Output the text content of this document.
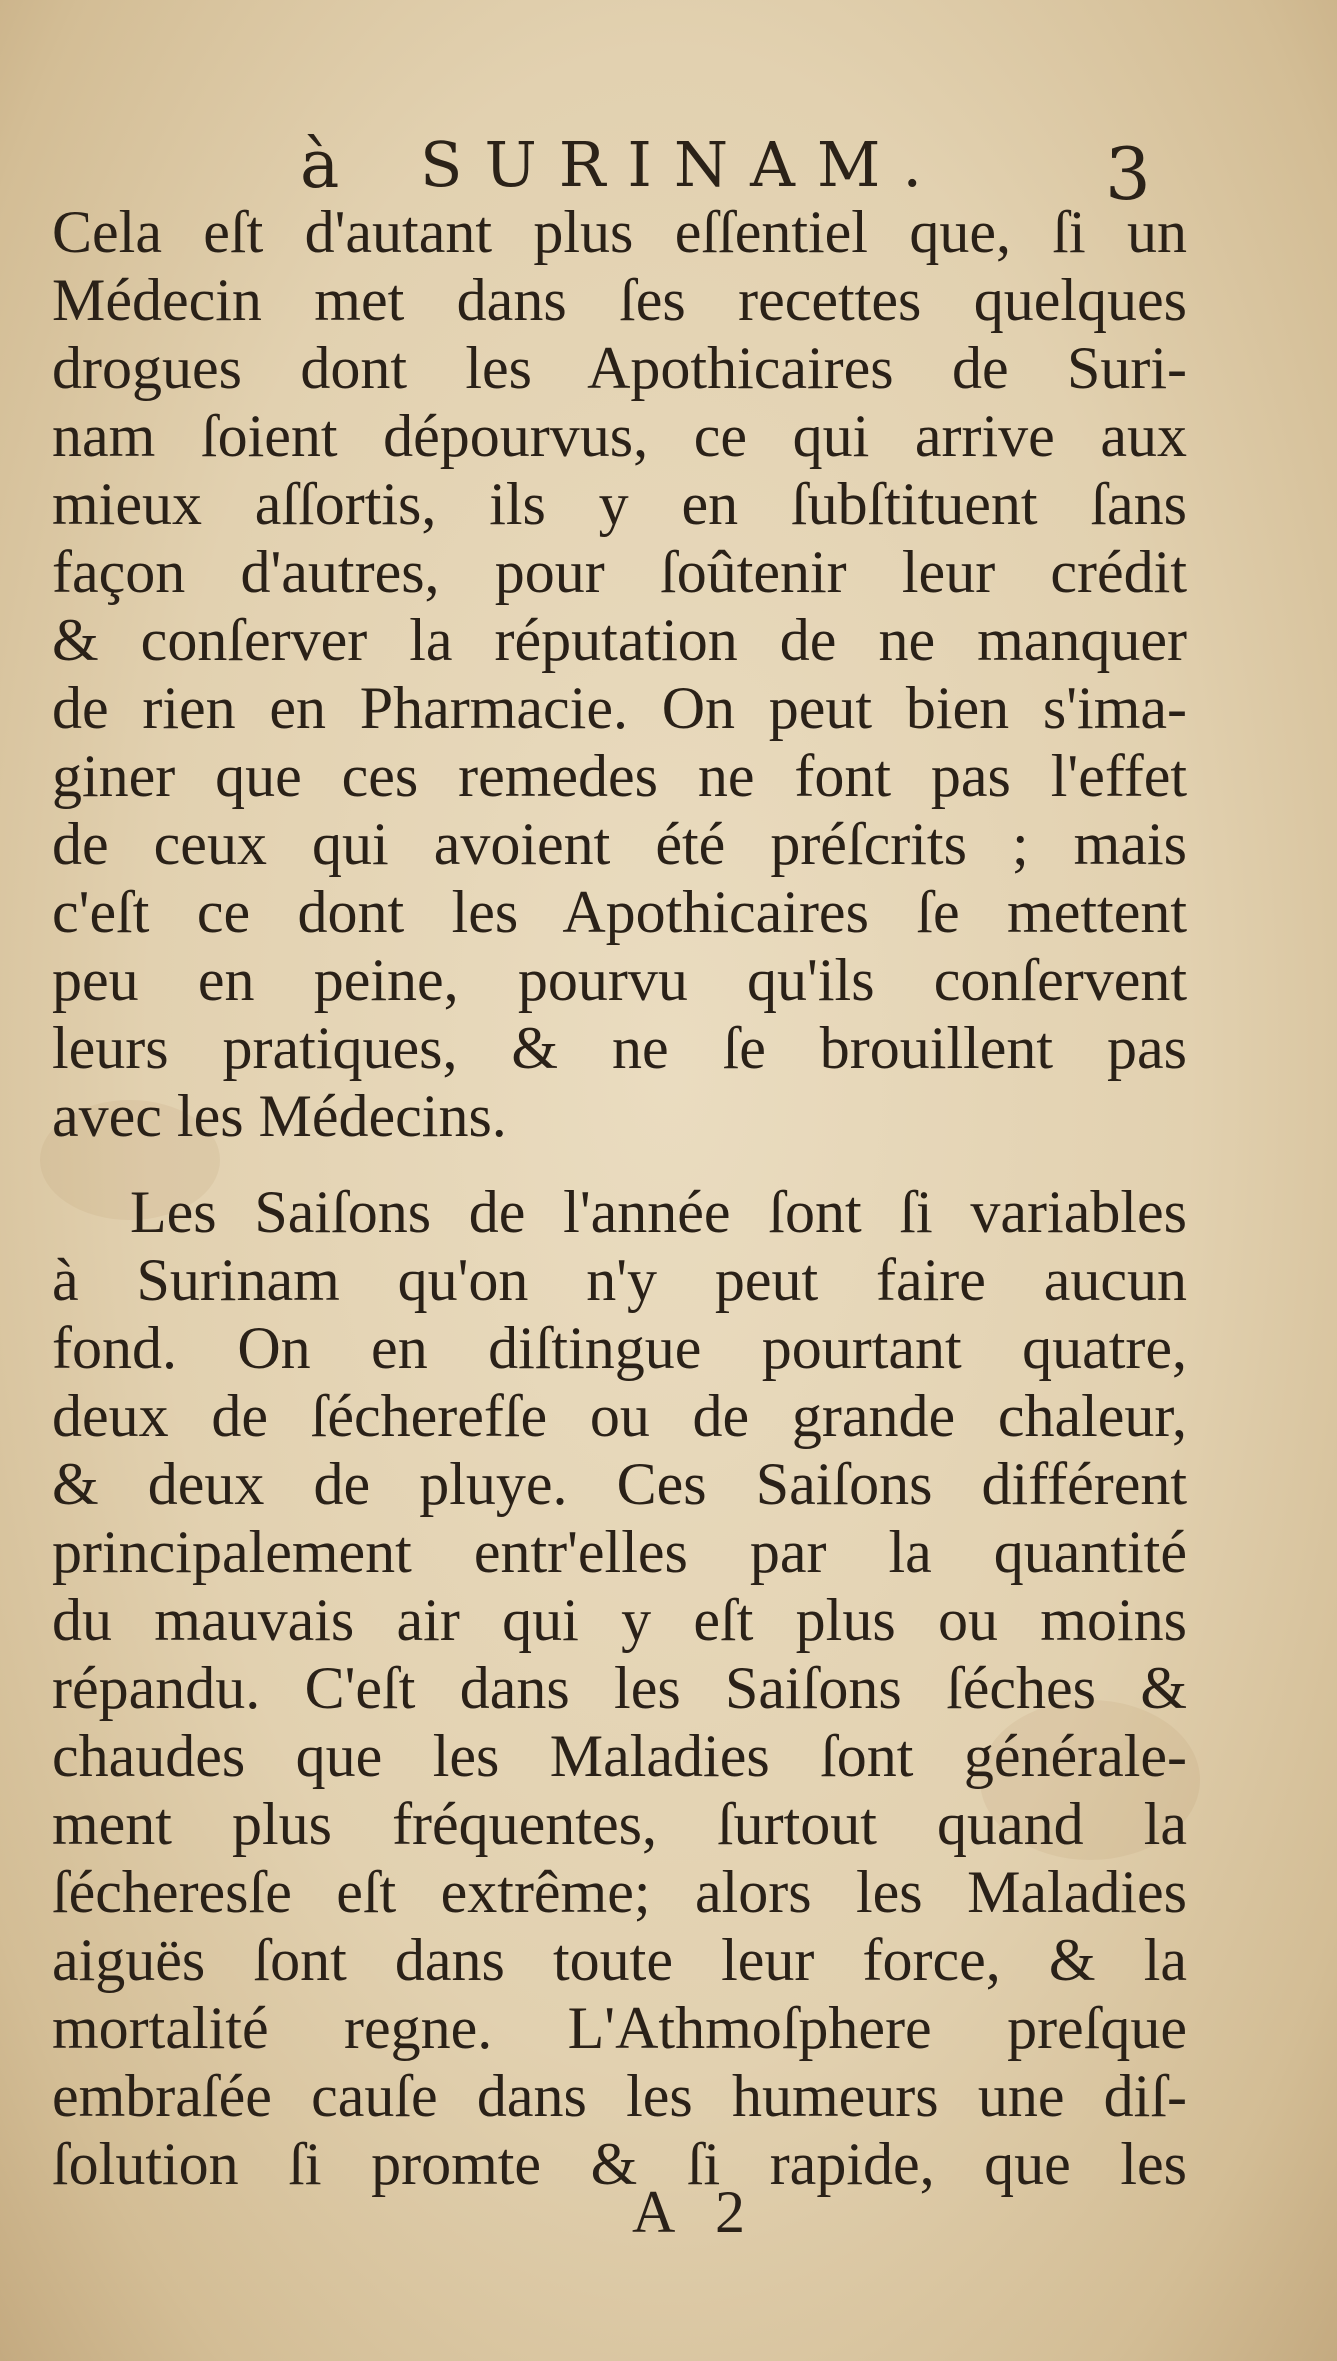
à SURINAM. 3
Cela eſt d'autant plus eſſentiel que, ſi un
Médecin met dans ſes recettes quelques
drogues dont les Apothicaires de Suri-
nam ſoient dépourvus, ce qui arrive aux
mieux aſſortis, ils y en ſubſtituent ſans
façon d'autres, pour ſoûtenir leur crédit
& conſerver la réputation de ne manquer
de rien en Pharmacie. On peut bien s'ima-
giner que ces remedes ne font pas l'effet
de ceux qui avoient été préſcrits ; mais
c'eſt ce dont les Apothicaires ſe mettent
peu en peine, pourvu qu'ils conſervent
leurs pratiques, & ne ſe brouillent pas
avec les Médecins.
Les Saiſons de l'année ſont ſi variables
à Surinam qu'on n'y peut faire aucun
fond. On en diſtingue pourtant quatre,
deux de ſécherefſe ou de grande chaleur,
& deux de pluye. Ces Saiſons différent
principalement entr'elles par la quantité
du mauvais air qui y eſt plus ou moins
répandu. C'eſt dans les Saiſons ſéches &
chaudes que les Maladies ſont générale-
ment plus fréquentes, ſurtout quand la
ſécheresſe eſt extrême; alors les Maladies
aiguës ſont dans toute leur force, & la
mortalité regne. L'Athmoſphere preſque
embraſée cauſe dans les humeurs une diſ-
ſolution ſi promte & ſi rapide, que les
A 2
